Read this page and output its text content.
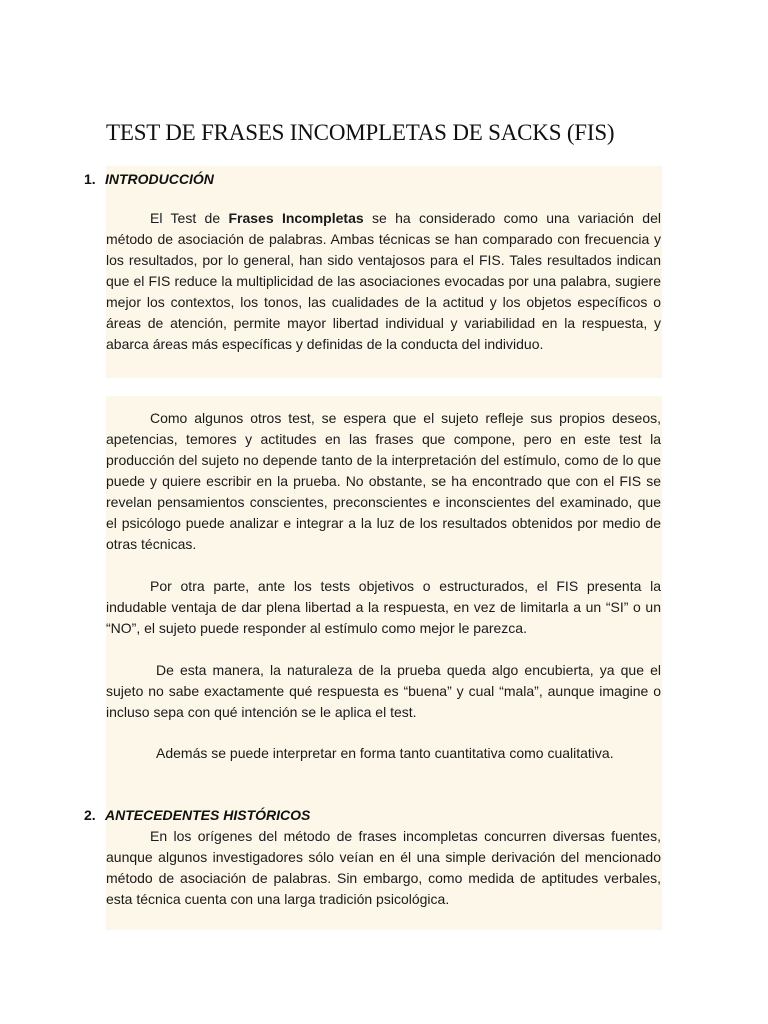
TEST DE FRASES INCOMPLETAS DE SACKS (FIS)
1. INTRODUCCIÓN
El Test de Frases Incompletas se ha considerado como una variación del método de asociación de palabras. Ambas técnicas se han comparado con frecuencia y los resultados, por lo general, han sido ventajosos para el FIS. Tales resultados indican que el FIS reduce la multiplicidad de las asociaciones evocadas por una palabra, sugiere mejor los contextos, los tonos, las cualidades de la actitud y los objetos específicos o áreas de atención, permite mayor libertad individual y variabilidad en la respuesta, y abarca áreas más específicas y definidas de la conducta del individuo.
Como algunos otros test, se espera que el sujeto refleje sus propios deseos, apetencias, temores y actitudes en las frases que compone, pero en este test la producción del sujeto no depende tanto de la interpretación del estímulo, como de lo que puede y quiere escribir en la prueba. No obstante, se ha encontrado que con el FIS se revelan pensamientos conscientes, preconscientes e inconscientes del examinado, que el psicólogo puede analizar e integrar a la luz de los resultados obtenidos por medio de otras técnicas.
Por otra parte, ante los tests objetivos o estructurados, el FIS presenta la indudable ventaja de dar plena libertad a la respuesta, en vez de limitarla a un “SI” o un “NO”, el sujeto puede responder al estímulo como mejor le parezca.
De esta manera, la naturaleza de la prueba queda algo encubierta, ya que el sujeto no sabe exactamente qué respuesta es “buena” y cual “mala”, aunque imagine o incluso sepa con qué intención se le aplica el test.
Además se puede interpretar en forma tanto cuantitativa como cualitativa.
2. ANTECEDENTES HISTÓRICOS
En los orígenes del método de frases incompletas concurren diversas fuentes, aunque algunos investigadores sólo veían en él una simple derivación del mencionado método de asociación de palabras. Sin embargo, como medida de aptitudes verbales, esta técnica cuenta con una larga tradición psicológica.
